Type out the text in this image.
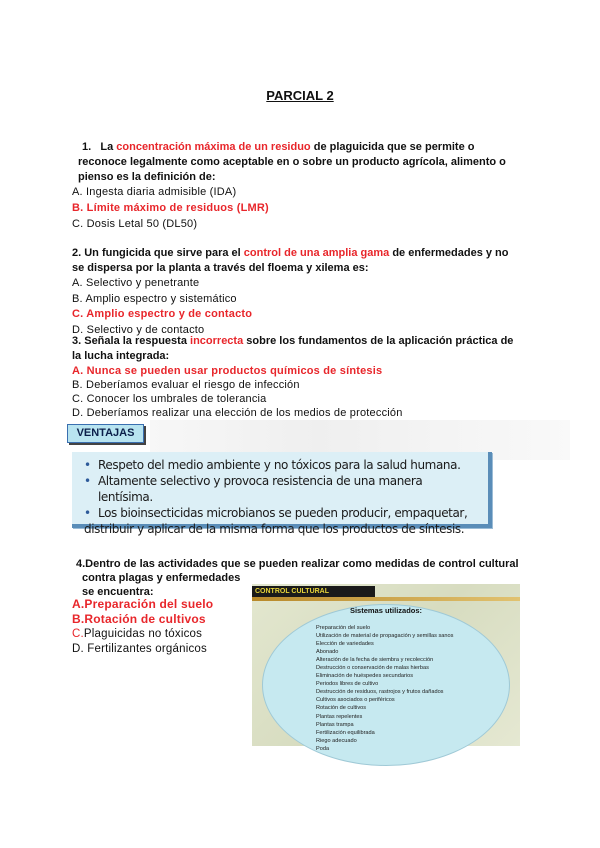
PARCIAL 2
1. La concentración máxima de un residuo de plaguicida que se permite o
reconoce legalmente como aceptable en o sobre un producto agrícola, alimento o
pienso es la definición de:
A. Ingesta diaria admisible (IDA)
B. Límite máximo de residuos (LMR)
C. Dosis Letal 50 (DL50)
2. Un fungicida que sirve para el control de una amplia gama de enfermedades y no
se dispersa por la planta a través del floema y xilema es:
A. Selectivo y penetrante
B. Amplio espectro y sistemático
C. Amplio espectro y de contacto
D. Selectivo y de contacto
3. Señala la respuesta incorrecta sobre los fundamentos de la aplicación práctica de
la lucha integrada:
A. Nunca se pueden usar productos químicos de síntesis
B. Deberíamos evaluar el riesgo de infección
C. Conocer los umbrales de tolerancia
D. Deberíamos realizar una elección de los medios de protección
VENTAJAS
• Respeto del medio ambiente y no tóxicos para la salud humana.
• Altamente selectivo y provoca resistencia de una manera lentísima.
• Los bioinsecticidas microbianos se pueden producir, empaquetar,
distribuir y aplicar de la misma forma que los productos de síntesis.
4.Dentro de las actividades que se pueden realizar como medidas de control cultural
contra plagas y enfermedades
se encuentra:
A.Preparación del suelo
B.Rotación de cultivos
C.Plaguicidas no tóxicos
D. Fertilizantes orgánicos
CONTROL CULTURAL
Sistemas utilizados:
Preparación del suelo
Utilización de material de propagación y semillas sanos
Elección de variedades
Abonado
Alteración de la fecha de siembra y recolección
Destrucción o conservación de malas hierbas
Eliminación de huéspedes secundarios
Periodos libres de cultivo
Destrucción de residuos, rastrojos y frutos dañados
Cultivos asociados o periféricos
Rotación de cultivos
Plantas repelentes
Plantas trampa
Fertilización equilibrada
Riego adecuado
Poda
